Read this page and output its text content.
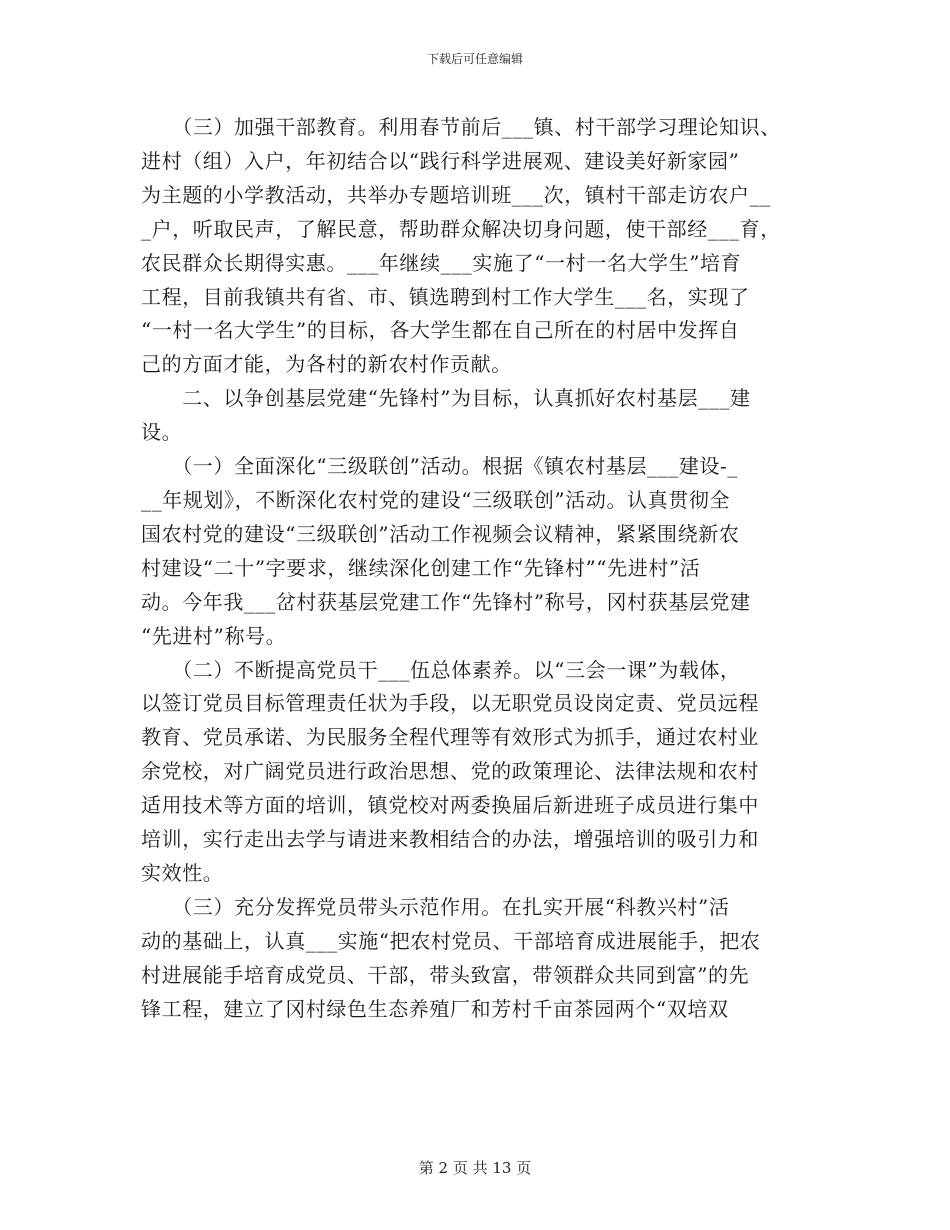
下载后可任意编辑
　　（三）加强干部教育。利用春节前后___镇、村干部学习理论知识、
进村（组）入户，年初结合以“践行科学进展观、建设美好新家园”
为主题的小学教活动，共举办专题培训班___次，镇村干部走访农户__
_户，听取民声，了解民意，帮助群众解决切身问题，使干部经___育，
农民群众长期得实惠。___年继续___实施了“一村一名大学生”培育
工程，目前我镇共有省、市、镇选聘到村工作大学生___名，实现了
“一村一名大学生”的目标，各大学生都在自己所在的村居中发挥自
己的方面才能，为各村的新农村作贡献。
　　二、以争创基层党建“先锋村”为目标，认真抓好农村基层___建
设。
　　（一）全面深化“三级联创”活动。根据《镇农村基层___建设-_
__年规划》，不断深化农村党的建设“三级联创”活动。认真贯彻全
国农村党的建设“三级联创”活动工作视频会议精神，紧紧围绕新农
村建设“二十”字要求，继续深化创建工作“先锋村”“先进村”活
动。今年我___岔村获基层党建工作“先锋村”称号，冈村获基层党建
“先进村”称号。
　　（二）不断提高党员干___伍总体素养。以“三会一课”为载体，
以签订党员目标管理责任状为手段，以无职党员设岗定责、党员远程
教育、党员承诺、为民服务全程代理等有效形式为抓手，通过农村业
余党校，对广阔党员进行政治思想、党的政策理论、法律法规和农村
适用技术等方面的培训，镇党校对两委换届后新进班子成员进行集中
培训，实行走出去学与请进来教相结合的办法，增强培训的吸引力和
实效性。
　　（三）充分发挥党员带头示范作用。在扎实开展“科教兴村”活
动的基础上，认真___实施“把农村党员、干部培育成进展能手，把农
村进展能手培育成党员、干部，带头致富，带领群众共同到富”的先
锋工程，建立了冈村绿色生态养殖厂和芳村千亩茶园两个“双培双
第 2 页 共 13 页
